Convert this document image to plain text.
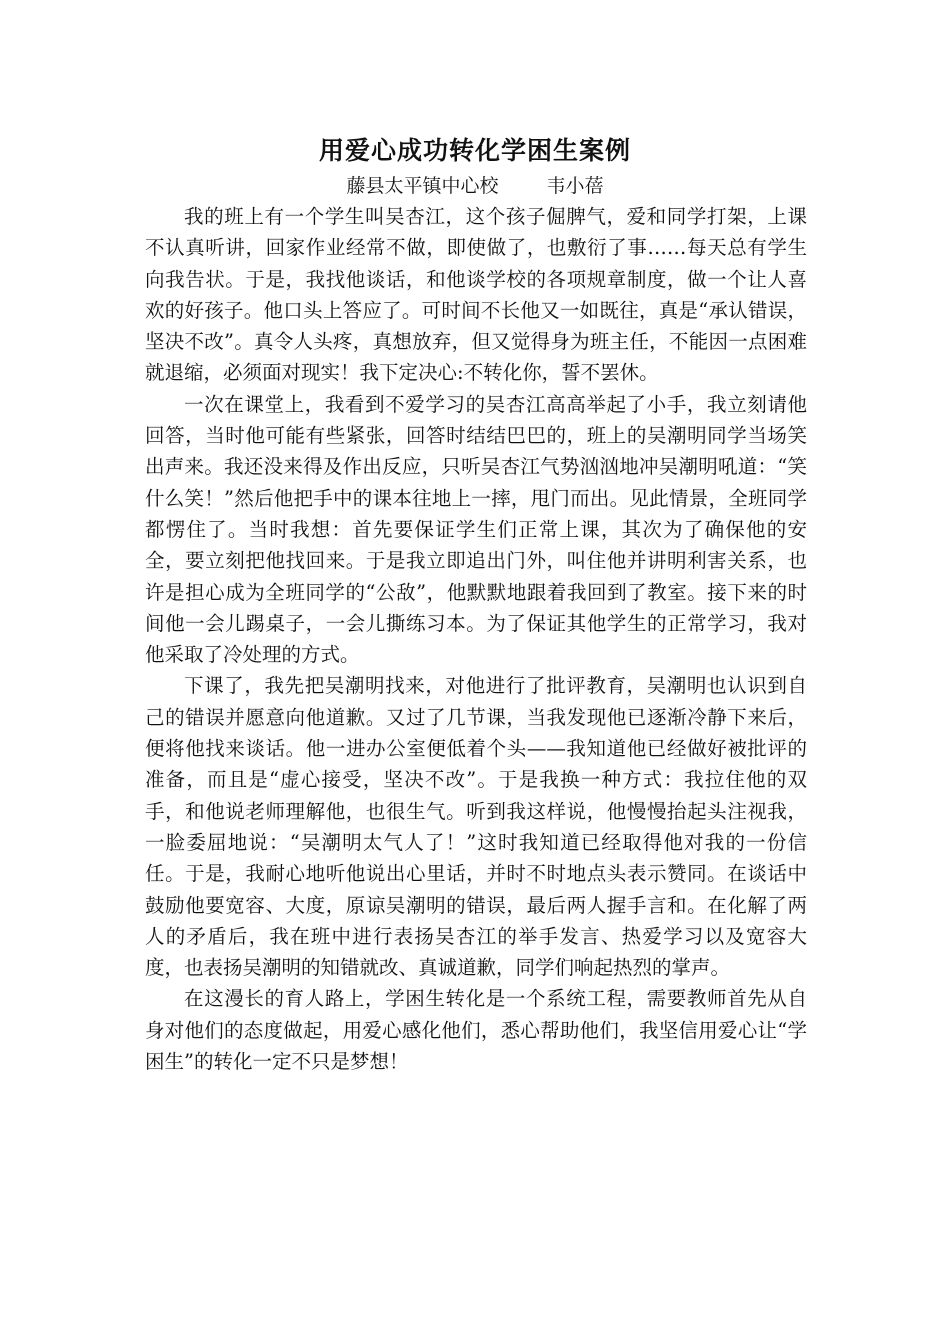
用爱心成功转化学困生案例
藤县太平镇中心校	韦小蓓

我的班上有一个学生叫吴杏江，这个孩子倔脾气，爱和同学打架，上课不认真听讲，回家作业经常不做，即使做了，也敷衍了事……每天总有学生向我告状。于是，我找他谈话，和他谈学校的各项规章制度，做一个让人喜欢的好孩子。他口头上答应了。可时间不长他又一如既往，真是“承认错误，坚决不改”。真令人头疼，真想放弃，但又觉得身为班主任，不能因一点困难就退缩，必须面对现实！我下定决心:不转化你，誓不罢休。

一次在课堂上，我看到不爱学习的吴杏江高高举起了小手，我立刻请他回答，当时他可能有些紧张，回答时结结巴巴的，班上的吴潮明同学当场笑出声来。我还没来得及作出反应，只听吴杏江气势汹汹地冲吴潮明吼道：“笑什么笑！”然后他把手中的课本往地上一摔，甩门而出。见此情景，全班同学都愣住了。当时我想：首先要保证学生们正常上课，其次为了确保他的安全，要立刻把他找回来。于是我立即追出门外，叫住他并讲明利害关系，也许是担心成为全班同学的“公敌”，他默默地跟着我回到了教室。接下来的时间他一会儿踢桌子，一会儿撕练习本。为了保证其他学生的正常学习，我对他采取了冷处理的方式。

下课了，我先把吴潮明找来，对他进行了批评教育，吴潮明也认识到自己的错误并愿意向他道歉。又过了几节课，当我发现他已逐渐冷静下来后，便将他找来谈话。他一进办公室便低着个头——我知道他已经做好被批评的准备，而且是“虚心接受，坚决不改”。于是我换一种方式：我拉住他的双手，和他说老师理解他，也很生气。听到我这样说，他慢慢抬起头注视我，一脸委屈地说：“吴潮明太气人了！”这时我知道已经取得他对我的一份信任。于是，我耐心地听他说出心里话，并时不时地点头表示赞同。在谈话中鼓励他要宽容、大度，原谅吴潮明的错误，最后两人握手言和。在化解了两人的矛盾后，我在班中进行表扬吴杏江的举手发言、热爱学习以及宽容大度，也表扬吴潮明的知错就改、真诚道歉，同学们响起热烈的掌声。

在这漫长的育人路上，学困生转化是一个系统工程，需要教师首先从自身对他们的态度做起，用爱心感化他们，悉心帮助他们，我坚信用爱心让“学困生”的转化一定不只是梦想！
